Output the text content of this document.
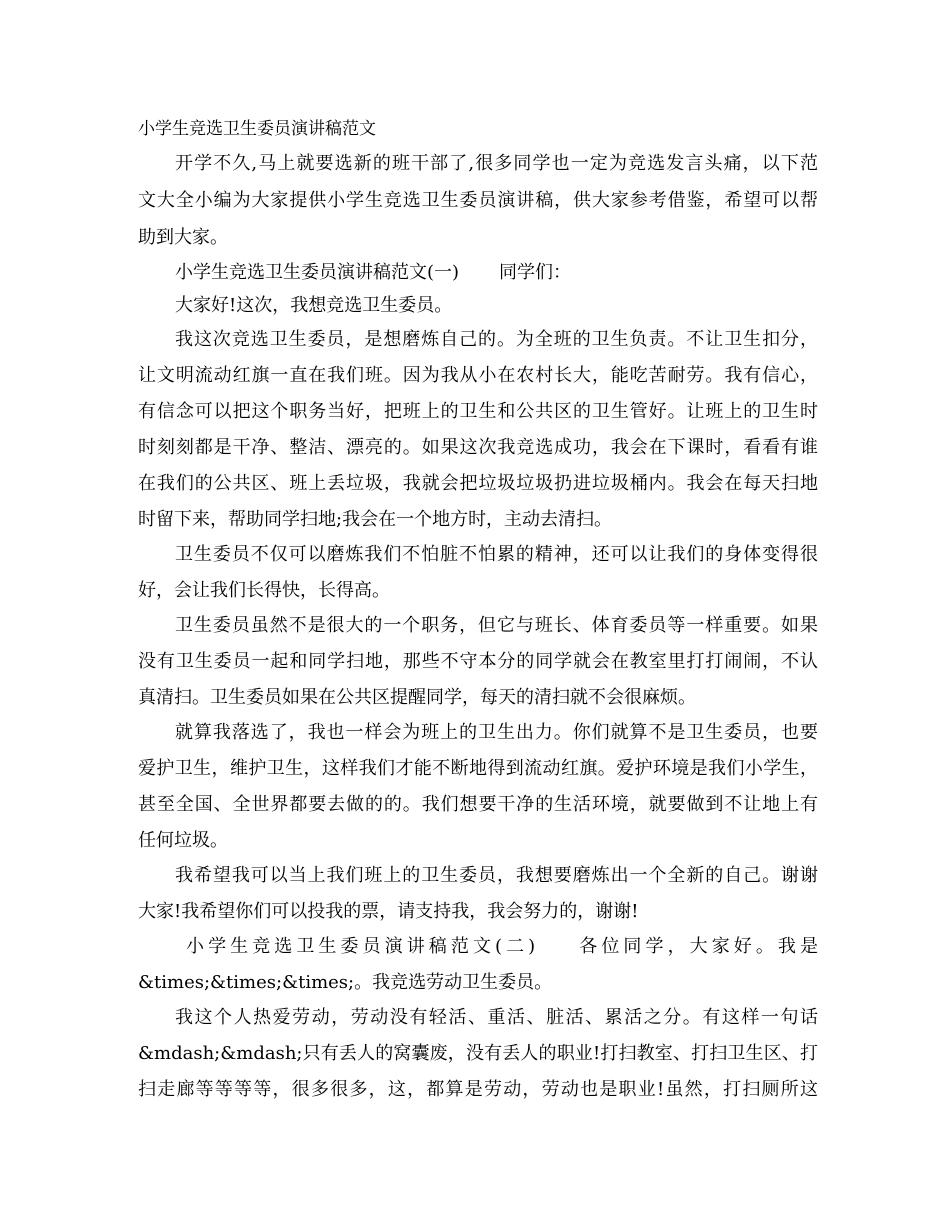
小学生竞选卫生委员演讲稿范文
开学不久,马上就要选新的班干部了,很多同学也一定为竞选发言头痛，以下范
文大全小编为大家提供小学生竞选卫生委员演讲稿，供大家参考借鉴，希望可以帮
助到大家。
小学生竞选卫生委员演讲稿范文(一) 同学们：
大家好!这次，我想竞选卫生委员。
我这次竞选卫生委员，是想磨炼自己的。为全班的卫生负责。不让卫生扣分，
让文明流动红旗一直在我们班。因为我从小在农村长大，能吃苦耐劳。我有信心，
有信念可以把这个职务当好，把班上的卫生和公共区的卫生管好。让班上的卫生时
时刻刻都是干净、整洁、漂亮的。如果这次我竞选成功，我会在下课时，看看有谁
在我们的公共区、班上丢垃圾，我就会把垃圾垃圾扔进垃圾桶内。我会在每天扫地
时留下来，帮助同学扫地;我会在一个地方时，主动去清扫。
卫生委员不仅可以磨炼我们不怕脏不怕累的精神，还可以让我们的身体变得很
好，会让我们长得快，长得高。
卫生委员虽然不是很大的一个职务，但它与班长、体育委员等一样重要。如果
没有卫生委员一起和同学扫地，那些不守本分的同学就会在教室里打打闹闹，不认
真清扫。卫生委员如果在公共区提醒同学，每天的清扫就不会很麻烦。
就算我落选了，我也一样会为班上的卫生出力。你们就算不是卫生委员，也要
爱护卫生，维护卫生，这样我们才能不断地得到流动红旗。爱护环境是我们小学生，
甚至全国、全世界都要去做的的。我们想要干净的生活环境，就要做到不让地上有
任何垃圾。
我希望我可以当上我们班上的卫生委员，我想要磨炼出一个全新的自己。谢谢
大家!我希望你们可以投我的票，请支持我，我会努力的，谢谢!
小学生竞选卫生委员演讲稿范文(二) 各位同学，大家好。我是
&times;&times;&times;。我竞选劳动卫生委员。
我这个人热爱劳动，劳动没有轻活、重活、脏活、累活之分。有这样一句话
&mdash;&mdash;只有丢人的窝囊废，没有丢人的职业!打扫教室、打扫卫生区、打
扫走廊等等等等，很多很多，这，都算是劳动，劳动也是职业!虽然，打扫厕所这
